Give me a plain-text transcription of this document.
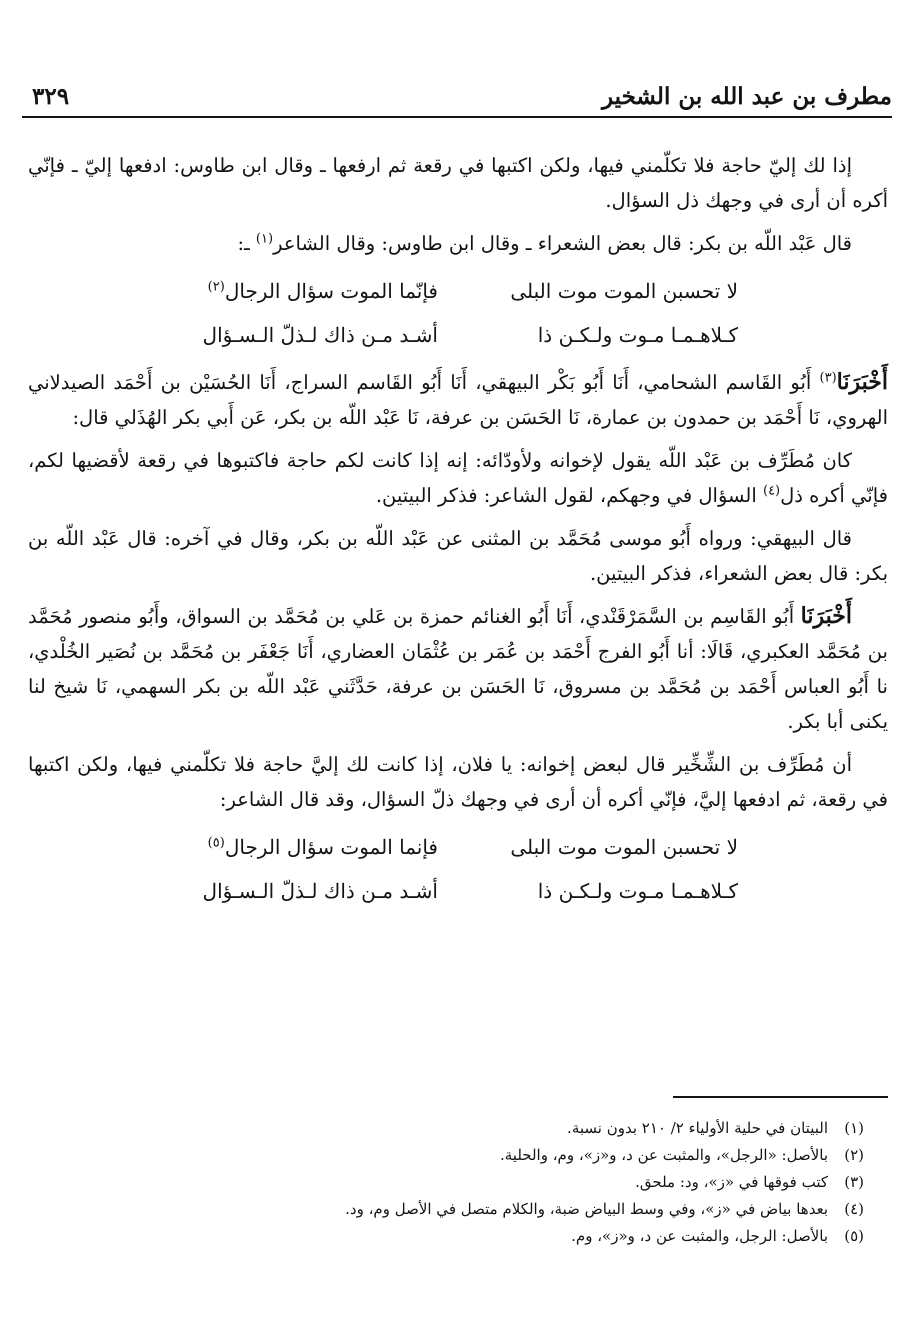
مطرف بن عبد الله بن الشخير
٣٢٩

إذا لك إليّ حاجة فلا تكلّمني فيها، ولكن اكتبها في رقعة ثم ارفعها ـ وقال ابن طاوس: ادفعها إليّ ـ فإنّي أكره أن أرى في وجهك ذل السؤال.

قال عَبْد اللّه بن بكر: قال بعض الشعراء ـ وقال ابن طاوس: وقال الشاعر$^{(١)}$ ـ:

لا تحسبن الموت موت البلى
فإنّما الموت سؤال الرجال$^{(٢)}$
كـلاهـمـا مـوت ولـكـن ذا
أشـد مـن ذاك لـذلّ الـسـؤال

أَخْبَرَنَا$^{(٣)}$ أَبُو القَاسم الشحامي، أَنَا أَبُو بَكْر البيهقي، أَنَا أَبُو القَاسم السراج، أَنَا الحُسَيْن بن أَحْمَد الصيدلاني الهروي، نَا أَحْمَد بن حمدون بن عمارة، نَا الحَسَن بن عرفة، نَا عَبْد اللّه بن بكر، عَن أَبي بكر الهُذَلي قال:

كان مُطَرِّف بن عَبْد اللّه يقول لإخوانه ولأودّائه: إنه إذا كانت لكم حاجة فاكتبوها في رقعة لأقضيها لكم، فإنّي أكره ذل$^{(٤)}$ السؤال في وجهكم، لقول الشاعر: فذكر البيتين.

قال البيهقي: ورواه أَبُو موسى مُحَمَّد بن المثنى عن عَبْد اللّه بن بكر، وقال في آخره: قال عَبْد اللّه بن بكر: قال بعض الشعراء، فذكر البيتين.

أَخْبَرَنَا أَبُو القَاسِم بن السَّمَرْقَنْدي، أَنَا أَبُو الغنائم حمزة بن عَلي بن مُحَمَّد بن السواق، وأَبُو منصور مُحَمَّد بن مُحَمَّد العكبري، قَالَا: أنا أَبُو الفرج أَحْمَد بن عُمَر بن عُثْمَان العضاري، أَنَا جَعْفَر بن مُحَمَّد بن نُصَير الخُلْدي، نا أَبُو العباس أَحْمَد بن مُحَمَّد بن مسروق، نَا الحَسَن بن عرفة، حَدَّثَني عَبْد اللّه بن بكر السهمي، نَا شيخ لنا يكنى أبا بكر.

أن مُطَرِّف بن الشِّخِّير قال لبعض إخوانه: يا فلان، إذا كانت لك إليَّ حاجة فلا تكلّمني فيها، ولكن اكتبها في رقعة، ثم ادفعها إليَّ، فإنّي أكره أن أرى في وجهك ذلّ السؤال، وقد قال الشاعر:

لا تحسبن الموت موت البلى
فإنما الموت سؤال الرجال$^{(٥)}$
كـلاهـمـا مـوت ولـكـن ذا
أشـد مـن ذاك لـذلّ الـسـؤال
(١)
البيتان في حلية الأولياء ٢/ ٢١٠ بدون نسبة.
(٢)
بالأصل: «الرجل»، والمثبت عن د، و«ز»، وم، والحلية.
(٣)
كتب فوقها في «ز»، ود: ملحق.
(٤)
بعدها بياض في «ز»، وفي وسط البياض ضبة، والكلام متصل في الأصل وم، ود.
(٥)
بالأصل: الرجل، والمثبت عن د، و«ز»، وم.
